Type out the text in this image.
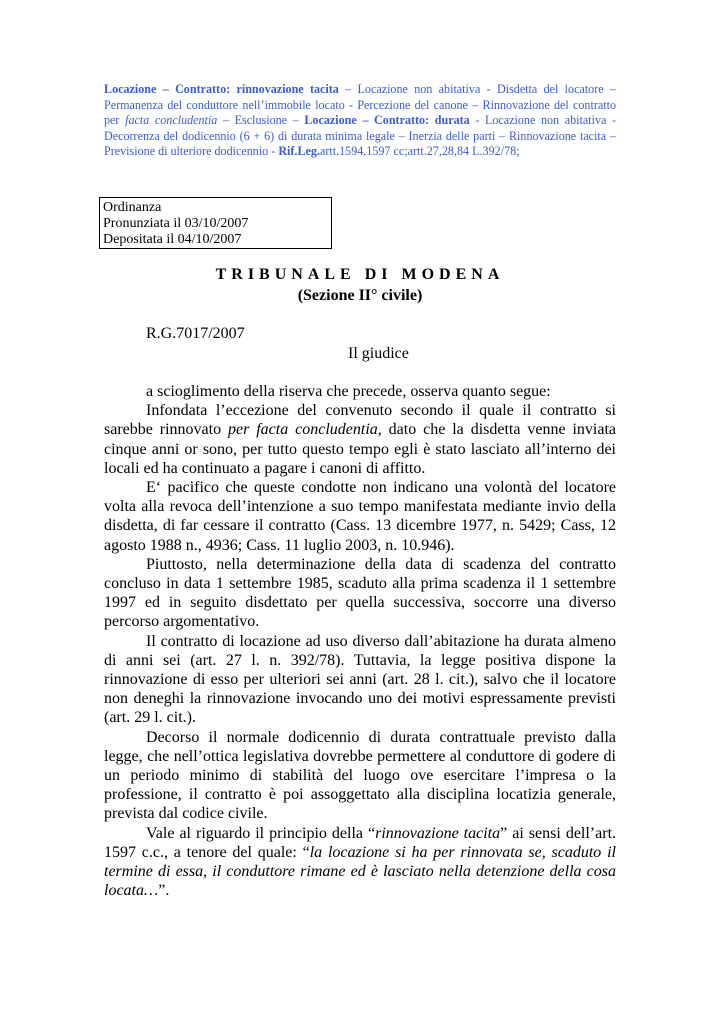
Locazione – Contratto: rinnovazione tacita – Locazione non abitativa - Disdetta del locatore – Permanenza del conduttore nell’immobile locato - Percezione del canone – Rinnovazione del contratto per facta concludentia – Esclusione – Locazione – Contratto: durata - Locazione non abitativa - Decorrenza del dodicennio (6 + 6) di durata minima legale – Inerzia delle parti – Rinnovazione tacita – Previsione di ulteriore dodicennio - Rif.Leg.artt.1594,1597 cc;artt.27,28,84 L.392/78;
Ordinanza
Pronunziata il 03/10/2007
Depositata il 04/10/2007
TRIBUNALE DI MODENA
(Sezione II° civile)
R.G.7017/2007
Il giudice

a scioglimento della riserva che precede, osserva quanto segue:

Infondata l’eccezione del convenuto secondo il quale il contratto si sarebbe rinnovato per facta concludentia, dato che la disdetta venne inviata cinque anni or sono, per tutto questo tempo egli è stato lasciato all’interno dei locali ed ha continuato a pagare i canoni di affitto.

E‘ pacifico che queste condotte non indicano una volontà del locatore volta alla revoca dell’intenzione a suo tempo manifestata mediante invio della disdetta, di far cessare il contratto (Cass. 13 dicembre 1977, n. 5429; Cass, 12 agosto 1988 n., 4936; Cass. 11 luglio 2003, n. 10.946).

Piuttosto, nella determinazione della data di scadenza del contratto concluso in data 1 settembre 1985, scaduto alla prima scadenza il 1 settembre 1997 ed in seguito disdettato per quella successiva, soccorre una diverso percorso argomentativo.

Il contratto di locazione ad uso diverso dall’abitazione ha durata almeno di anni sei (art. 27 l. n. 392/78). Tuttavia, la legge positiva dispone la rinnovazione di esso per ulteriori sei anni (art. 28 l. cit.), salvo che il locatore non deneghi la rinnovazione invocando uno dei motivi espressamente previsti (art. 29 l. cit.).

Decorso il normale dodicennio di durata contrattuale previsto dalla legge, che nell’ottica legislativa dovrebbe permettere al conduttore di godere di un periodo minimo di stabilità del luogo ove esercitare l’impresa o la professione, il contratto è poi assoggettato alla disciplina locatizia generale, prevista dal codice civile.

Vale al riguardo il principio della “rinnovazione tacita” ai sensi dell’art. 1597 c.c., a tenore del quale: “la locazione si ha per rinnovata se, scaduto il termine di essa, il conduttore rimane ed è lasciato nella detenzione della cosa locata…”.
